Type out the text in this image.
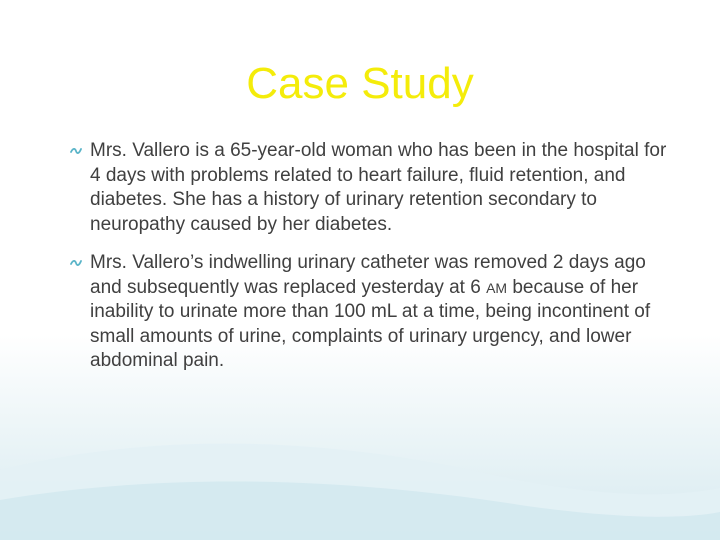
Case Study

Mrs. Vallero is a 65-year-old woman who has been in the hospital for 4 days with problems related to heart failure, fluid retention, and diabetes. She has a history of urinary retention secondary to neuropathy caused by her diabetes.

Mrs. Vallero’s indwelling urinary catheter was removed 2 days ago and subsequently was replaced yesterday at 6 AM because of her inability to urinate more than 100 mL at a time, being incontinent of small amounts of urine, complaints of urinary urgency, and lower abdominal pain.
